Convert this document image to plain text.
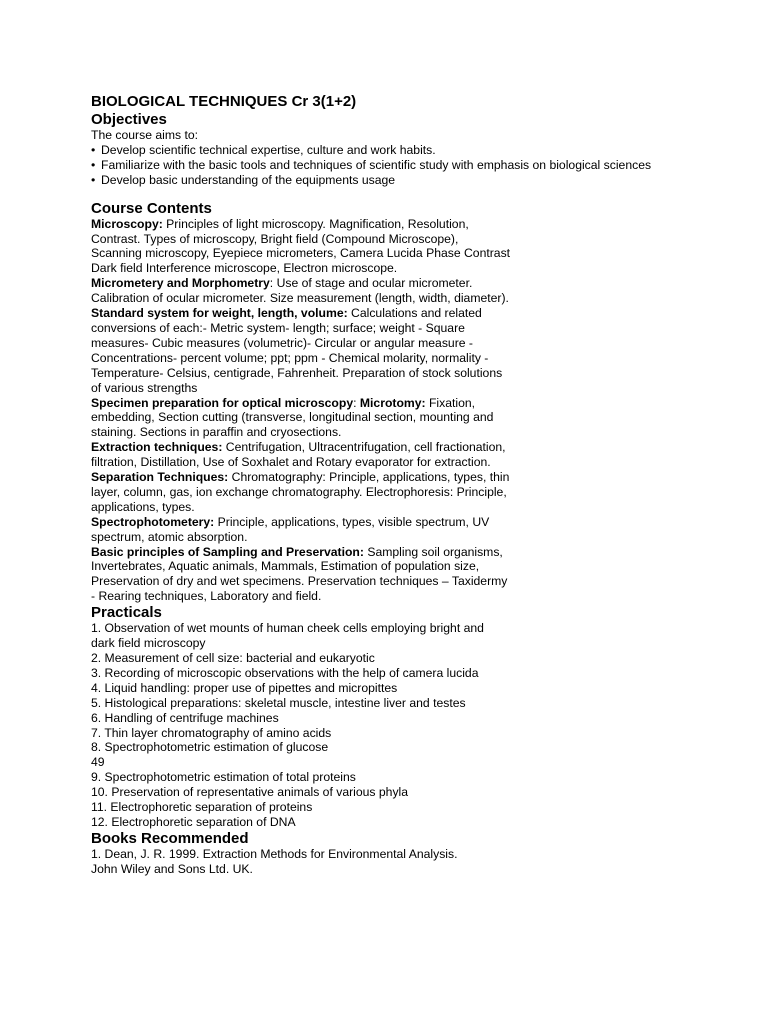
BIOLOGICAL TECHNIQUES Cr 3(1+2)
Objectives

The course aims to:

• Develop scientific technical expertise, culture and work habits.
• Familiarize with the basic tools and techniques of scientific study with emphasis on biological sciences
• Develop basic understanding of the equipments usage
Course Contents

Microscopy: Principles of light microscopy. Magnification, Resolution, Contrast. Types of microscopy, Bright field (Compound Microscope), Scanning microscopy, Eyepiece micrometers, Camera Lucida Phase Contrast Dark field Interference microscope, Electron microscope.

Micrometery and Morphometry: Use of stage and ocular micrometer. Calibration of ocular micrometer. Size measurement (length, width, diameter).

Standard system for weight, length, volume: Calculations and related conversions of each:- Metric system- length; surface; weight - Square measures- Cubic measures (volumetric)- Circular or angular measure - Concentrations- percent volume; ppt; ppm - Chemical molarity, normality - Temperature- Celsius, centigrade, Fahrenheit. Preparation of stock solutions of various strengths

Specimen preparation for optical microscopy: Microtomy: Fixation, embedding, Section cutting (transverse, longitudinal section, mounting and staining. Sections in paraffin and cryosections.

Extraction techniques: Centrifugation, Ultracentrifugation, cell fractionation, filtration, Distillation, Use of Soxhalet and Rotary evaporator for extraction.

Separation Techniques: Chromatography: Principle, applications, types, thin layer, column, gas, ion exchange chromatography. Electrophoresis: Principle, applications, types.

Spectrophotometery: Principle, applications, types, visible spectrum, UV spectrum, atomic absorption.

Basic principles of Sampling and Preservation: Sampling soil organisms, Invertebrates, Aquatic animals, Mammals, Estimation of population size, Preservation of dry and wet specimens. Preservation techniques – Taxidermy - Rearing techniques, Laboratory and field.

Practicals
1. Observation of wet mounts of human cheek cells employing bright and
dark field microscopy
2. Measurement of cell size: bacterial and eukaryotic
3. Recording of microscopic observations with the help of camera lucida
4. Liquid handling: proper use of pipettes and micropittes
5. Histological preparations: skeletal muscle, intestine liver and testes
6. Handling of centrifuge machines
7. Thin layer chromatography of amino acids
8. Spectrophotometric estimation of glucose
49
9. Spectrophotometric estimation of total proteins
10. Preservation of representative animals of various phyla
11. Electrophoretic separation of proteins
12. Electrophoretic separation of DNA
Books Recommended

1. Dean, J. R. 1999. Extraction Methods for Environmental Analysis.

John Wiley and Sons Ltd. UK.
